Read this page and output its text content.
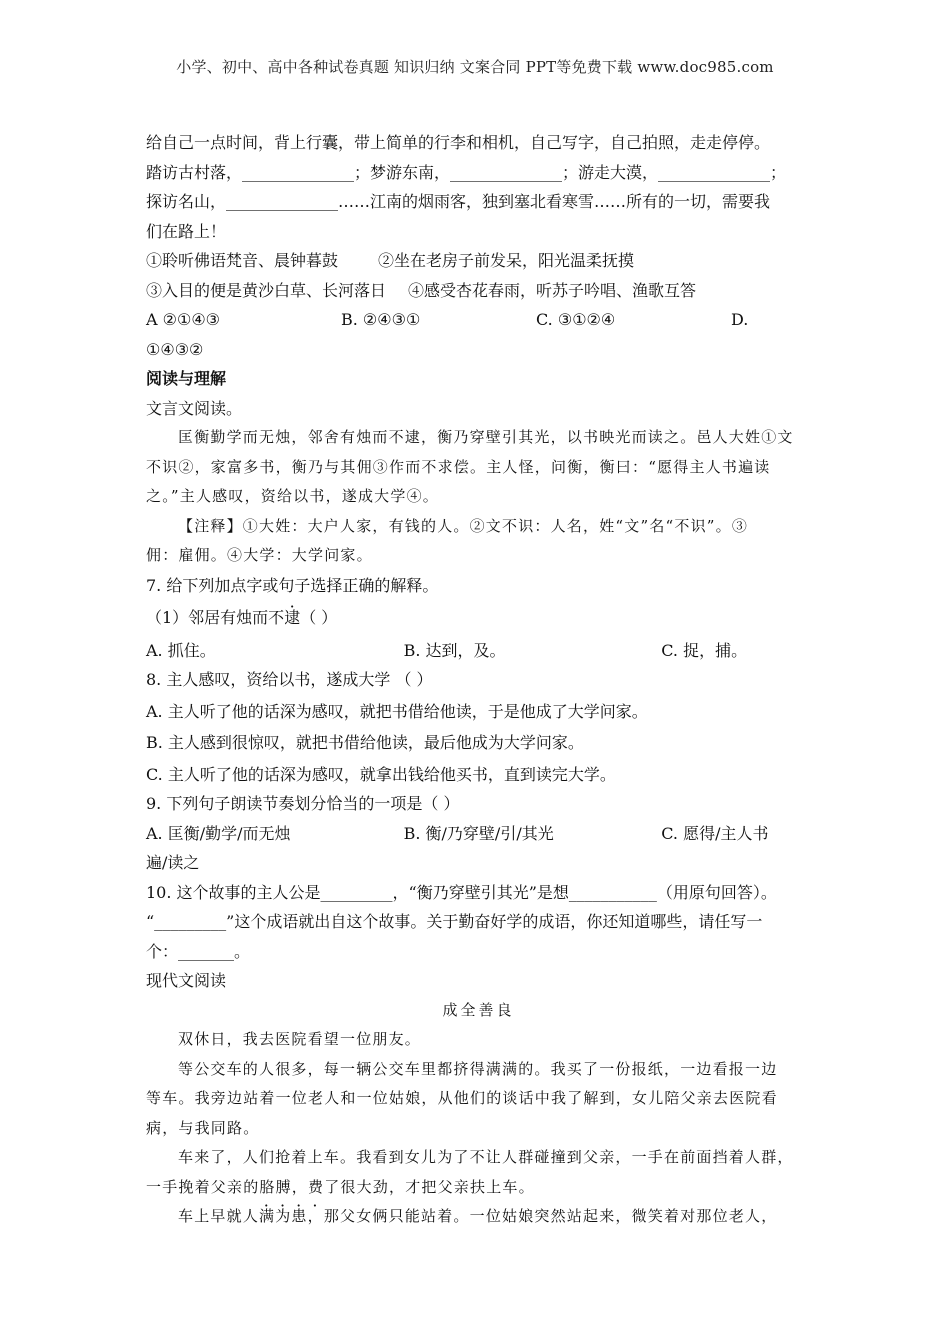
小学、初中、高中各种试卷真题 知识归纳 文案合同 PPT等免费下载 www.doc985.com
给自己一点时间，背上行囊，带上简单的行李和相机，自己写字，自己拍照，走走停停。
踏访古村落，______________；梦游东南，______________；游走大漠，______________；
探访名山，______________……江南的烟雨客，独到塞北看寒雪……所有的一切，需要我
们在路上！
①聆听佛语梵音、晨钟暮鼓 ②坐在老房子前发呆，阳光温柔抚摸
③入目的便是黄沙白草、长河落日 ④感受杏花春雨，听苏子吟唱、渔歌互答
A ②①④③	B. ②④③①	C. ③①②④	D.
①④③②
阅读与理解
文言文阅读。
匡衡勤学而无烛，邻舍有烛而不逮，衡乃穿壁引其光，以书映光而读之。邑人大姓①文
不识②，家富多书，衡乃与其佣③作而不求偿。主人怪，问衡，衡曰：“愿得主人书遍读
之。”主人感叹，资给以书，遂成大学④。
【注释】①大姓：大户人家，有钱的人。②文不识：人名，姓“文”名“不识”。③
佣：雇佣。④大学：大学问家。
7. 给下列加点字或句子选择正确的解释。
（1）邻居有烛而不逮（ ）
A. 抓住。	B. 达到，及。	C. 捉，捕。
8. 主人感叹，资给以书，遂成大学 （ ）
A. 主人听了他的话深为感叹，就把书借给他读，于是他成了大学问家。
B. 主人感到很惊叹，就把书借给他读，最后他成为大学问家。
C. 主人听了他的话深为感叹，就拿出钱给他买书，直到读完大学。
9. 下列句子朗读节奏划分恰当的一项是（ ）
A. 匡衡/勤学/而无烛	B. 衡/乃穿壁/引/其光	C. 愿得/主人书
遍/读之
10. 这个故事的主人公是_________，“衡乃穿壁引其光”是想___________（用原句回答）。
“_________”这个成语就出自这个故事。关于勤奋好学的成语，你还知道哪些，请任写一
个：_______。
现代文阅读
成全善良
双休日，我去医院看望一位朋友。
等公交车的人很多，每一辆公交车里都挤得满满的。我买了一份报纸，一边看报一边
等车。我旁边站着一位老人和一位姑娘，从他们的谈话中我了解到，女儿陪父亲去医院看
病，与我同路。
车来了，人们抢着上车。我看到女儿为了不让人群碰撞到父亲，一手在前面挡着人群，
一手挽着父亲的胳膊，费了很大劲，才把父亲扶上车。
车上早就人满为患，那父女俩只能站着。一位姑娘突然站起来，微笑着对那位老人，
